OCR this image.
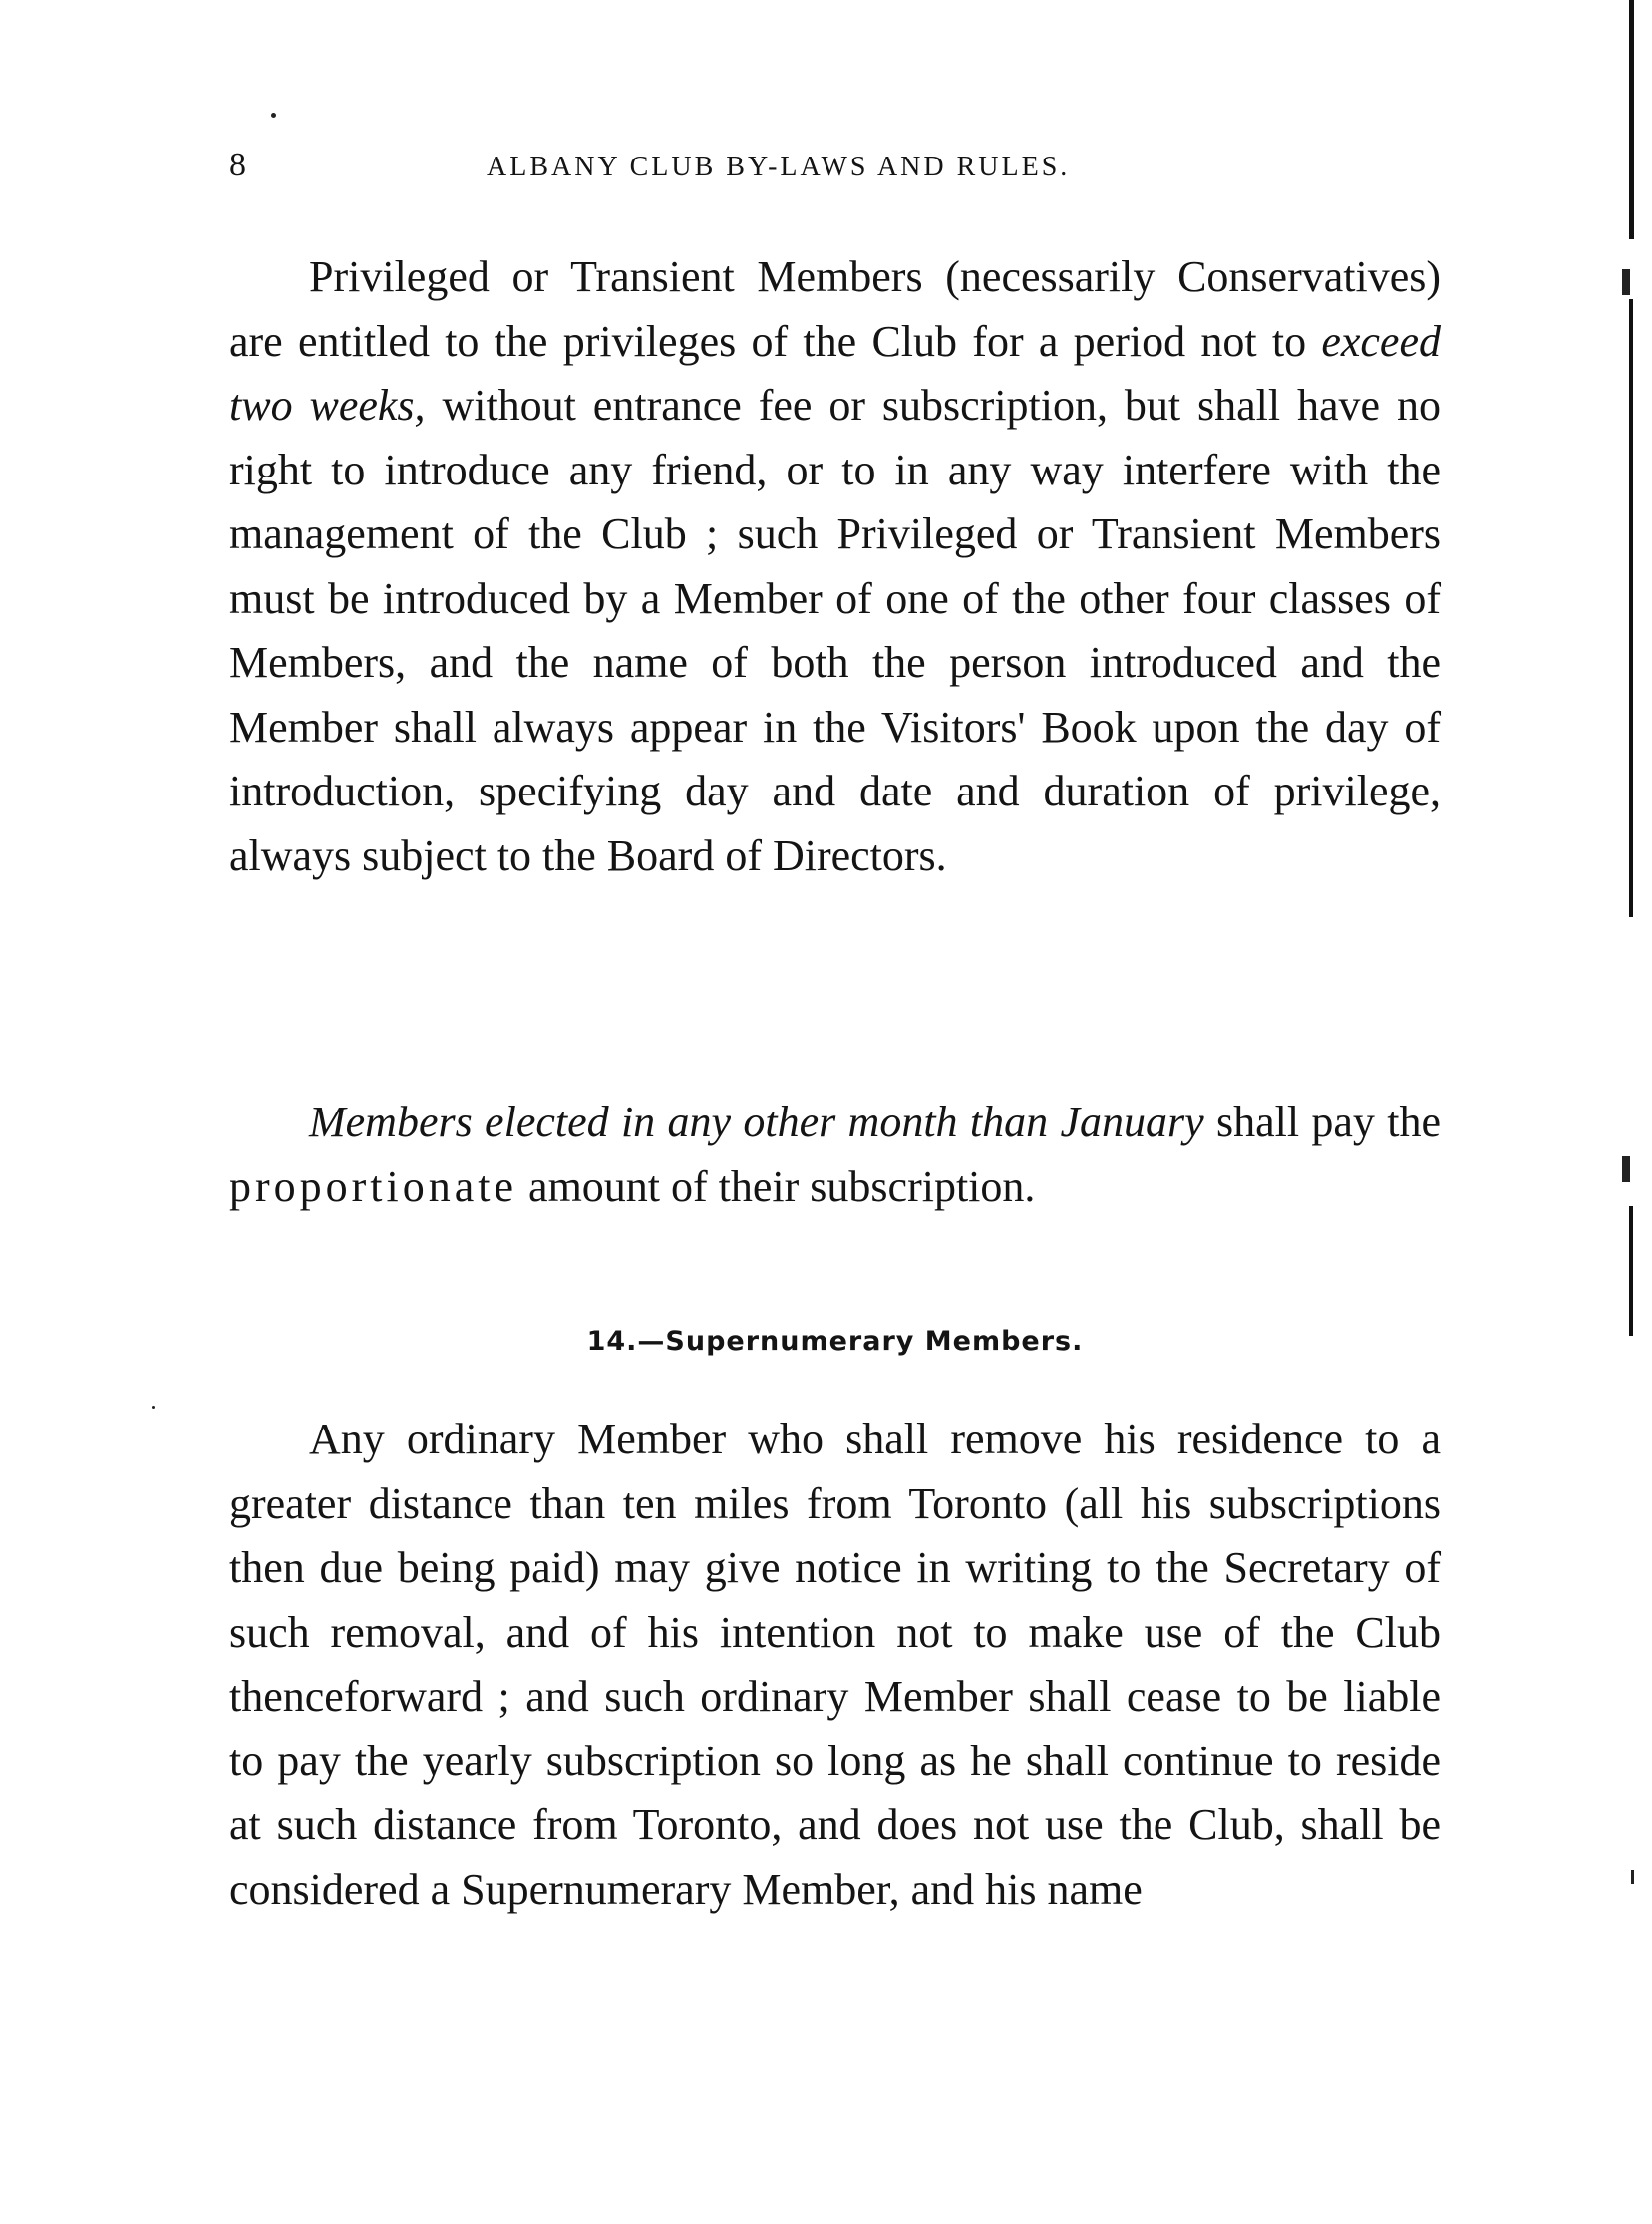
8	ALBANY CLUB BY-LAWS AND RULES.

Privileged or Transient Members (necessarily Conservatives) are entitled to the privileges of the Club for a period not to exceed two weeks, without entrance fee or subscription, but shall have no right to introduce any friend, or to in any way interfere with the management of the Club ; such Privileged or Transient Members must be introduced by a Member of one of the other four classes of Members, and the name of both the person introduced and the Member shall always appear in the Visitors' Book upon the day of introduction, specifying day and date and duration of privilege, always subject to the Board of Directors.

Members elected in any other month than January shall pay the proportionate amount of their subscription.

14.—Supernumerary Members.

Any ordinary Member who shall remove his residence to a greater distance than ten miles from Toronto (all his subscriptions then due being paid) may give notice in writing to the Secretary of such removal, and of his intention not to make use of the Club thenceforward ; and such ordinary Member shall cease to be liable to pay the yearly subscription so long as he shall continue to reside at such distance from Toronto, and does not use the Club, shall be considered a Supernumerary Member, and his name
